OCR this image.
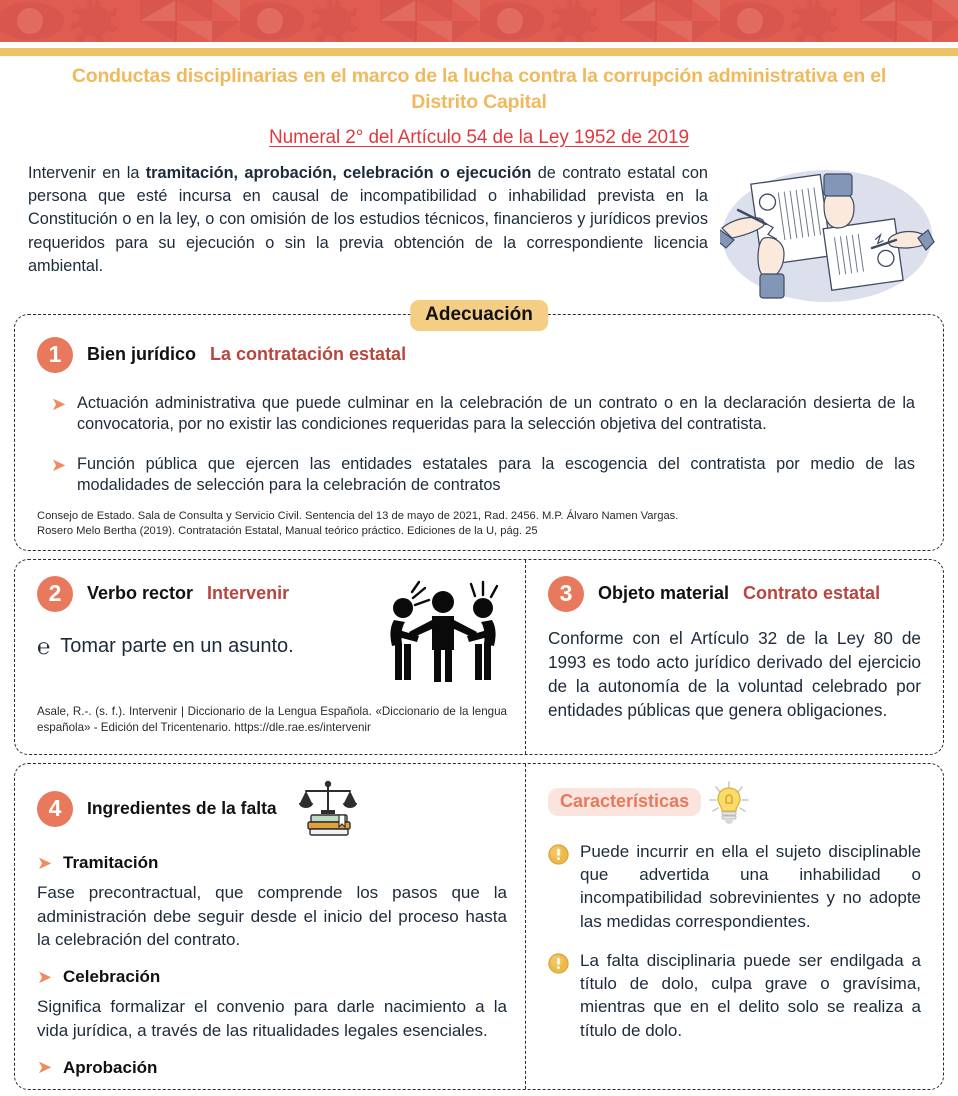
Conductas disciplinarias en el marco de la lucha contra la corrupción administrativa en el Distrito Capital
Numeral 2° del Artículo 54 de la Ley 1952 de 2019
Intervenir en la tramitación, aprobación, celebración o ejecución de contrato estatal con persona que esté incursa en causal de incompatibilidad o inhabilidad prevista en la Constitución o en la ley, o con omisión de los estudios técnicos, financieros y jurídicos previos requeridos para su ejecución o sin la previa obtención de la correspondiente licencia ambiental.
Adecuación
1	Bien jurídico La contratación estatal
➤ Actuación administrativa que puede culminar en la celebración de un contrato o en la declaración desierta de la convocatoria, por no existir las condiciones requeridas para la selección objetiva del contratista.
➤ Función pública que ejercen las entidades estatales para la escogencia del contratista por medio de las modalidades de selección para la celebración de contratos
Consejo de Estado. Sala de Consulta y Servicio Civil. Sentencia del 13 de mayo de 2021, Rad. 2456. M.P. Álvaro Namen Vargas.
Rosero Melo Bertha (2019). Contratación Estatal, Manual teórico práctico. Ediciones de la U, pág. 25
2	Verbo rector Intervenir
℮ Tomar parte en un asunto.
Asale, R.-. (s. f.). Intervenir | Diccionario de la Lengua Española. «Diccionario de la lengua española» - Edición del Tricentenario. https://dle.rae.es/intervenir
3	Objeto material Contrato estatal
Conforme con el Artículo 32 de la Ley 80 de 1993 es todo acto jurídico derivado del ejercicio de la autonomía de la voluntad celebrado por entidades públicas que genera obligaciones.
4	Ingredientes de la falta
➤ Tramitación
Fase precontractual, que comprende los pasos que la administración debe seguir desde el inicio del proceso hasta la celebración del contrato.
➤ Celebración
Significa formalizar el convenio para darle nacimiento a la vida jurídica, a través de las ritualidades legales esenciales.
➤ Aprobación
Características
Puede incurrir en ella el sujeto disciplinable que advertida una inhabilidad o incompatibilidad sobrevinientes y no adopte las medidas correspondientes.
La falta disciplinaria puede ser endilgada a título de dolo, culpa grave o gravísima, mientras que en el delito solo se realiza a título de dolo.
